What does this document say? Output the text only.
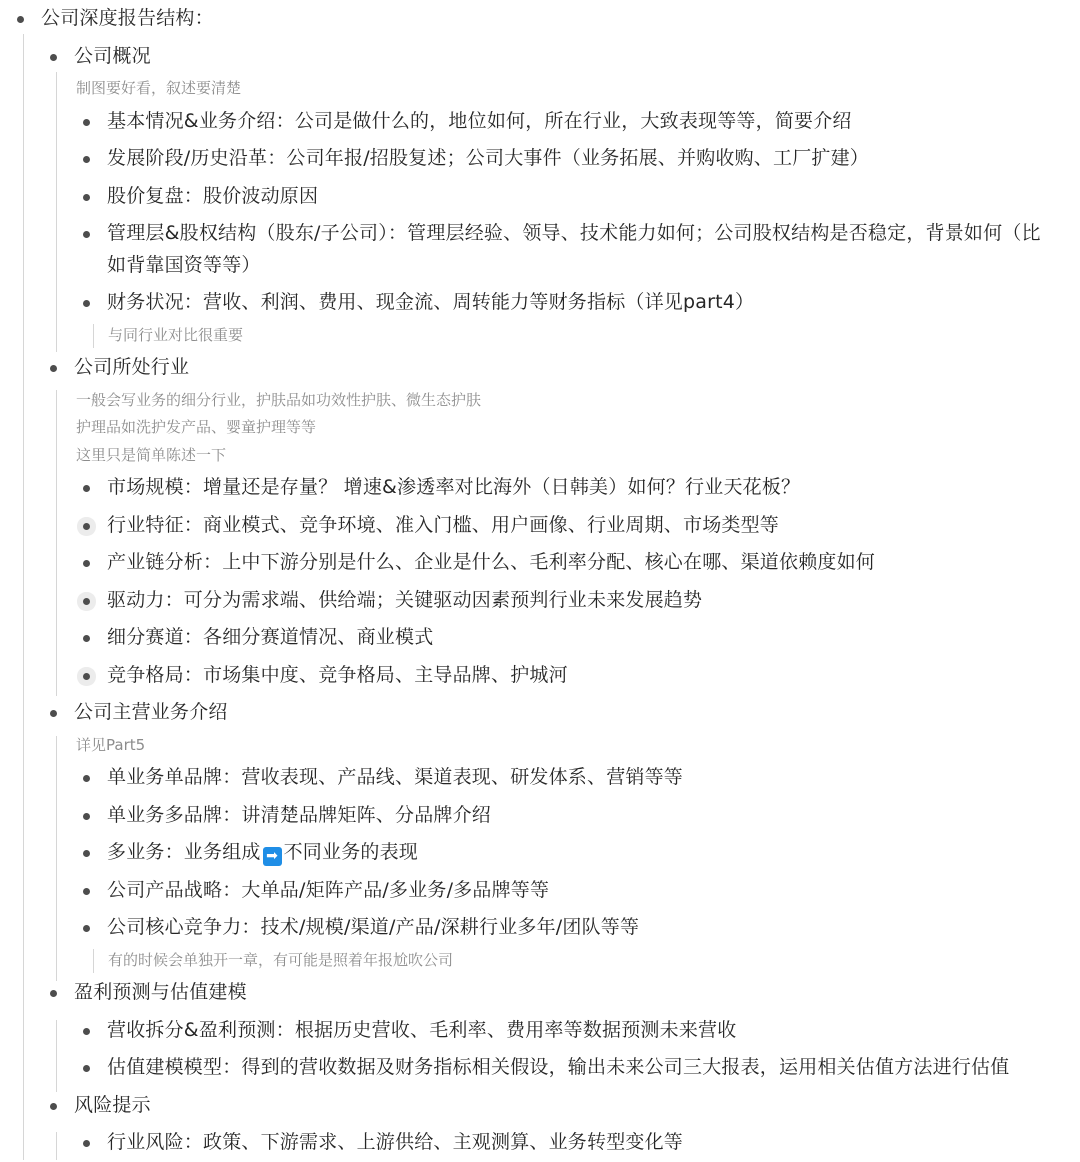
公司深度报告结构：
公司概况
制图要好看，叙述要清楚
基本情况&业务介绍：公司是做什么的，地位如何，所在行业，大致表现等等，简要介绍
发展阶段/历史沿革：公司年报/招股复述；公司大事件（业务拓展、并购收购、工厂扩建）
股价复盘：股价波动原因
管理层&股权结构（股东/子公司）：管理层经验、领导、技术能力如何；公司股权结构是否稳定，背景如何（比如背靠国资等等）
财务状况：营收、利润、费用、现金流、周转能力等财务指标（详见part4）
与同行业对比很重要
公司所处行业
一般会写业务的细分行业，护肤品如功效性护肤、微生态护肤
护理品如洗护发产品、婴童护理等等
这里只是简单陈述一下
市场规模：增量还是存量？ 增速&渗透率对比海外（日韩美）如何？行业天花板？
行业特征：商业模式、竞争环境、准入门槛、用户画像、行业周期、市场类型等
产业链分析：上中下游分别是什么、企业是什么、毛利率分配、核心在哪、渠道依赖度如何
驱动力：可分为需求端、供给端；关键驱动因素预判行业未来发展趋势
细分赛道：各细分赛道情况、商业模式
竞争格局：市场集中度、竞争格局、主导品牌、护城河
公司主营业务介绍
详见Part5
单业务单品牌：营收表现、产品线、渠道表现、研发体系、营销等等
单业务多品牌：讲清楚品牌矩阵、分品牌介绍
多业务：业务组成 ➡ 不同业务的表现
公司产品战略：大单品/矩阵产品/多业务/多品牌等等
公司核心竞争力：技术/规模/渠道/产品/深耕行业多年/团队等等
有的时候会单独开一章，有可能是照着年报尬吹公司
盈利预测与估值建模
营收拆分&盈利预测：根据历史营收、毛利率、费用率等数据预测未来营收
估值建模模型：得到的营收数据及财务指标相关假设，输出未来公司三大报表，运用相关估值方法进行估值
风险提示
行业风险：政策、下游需求、上游供给、主观测算、业务转型变化等
